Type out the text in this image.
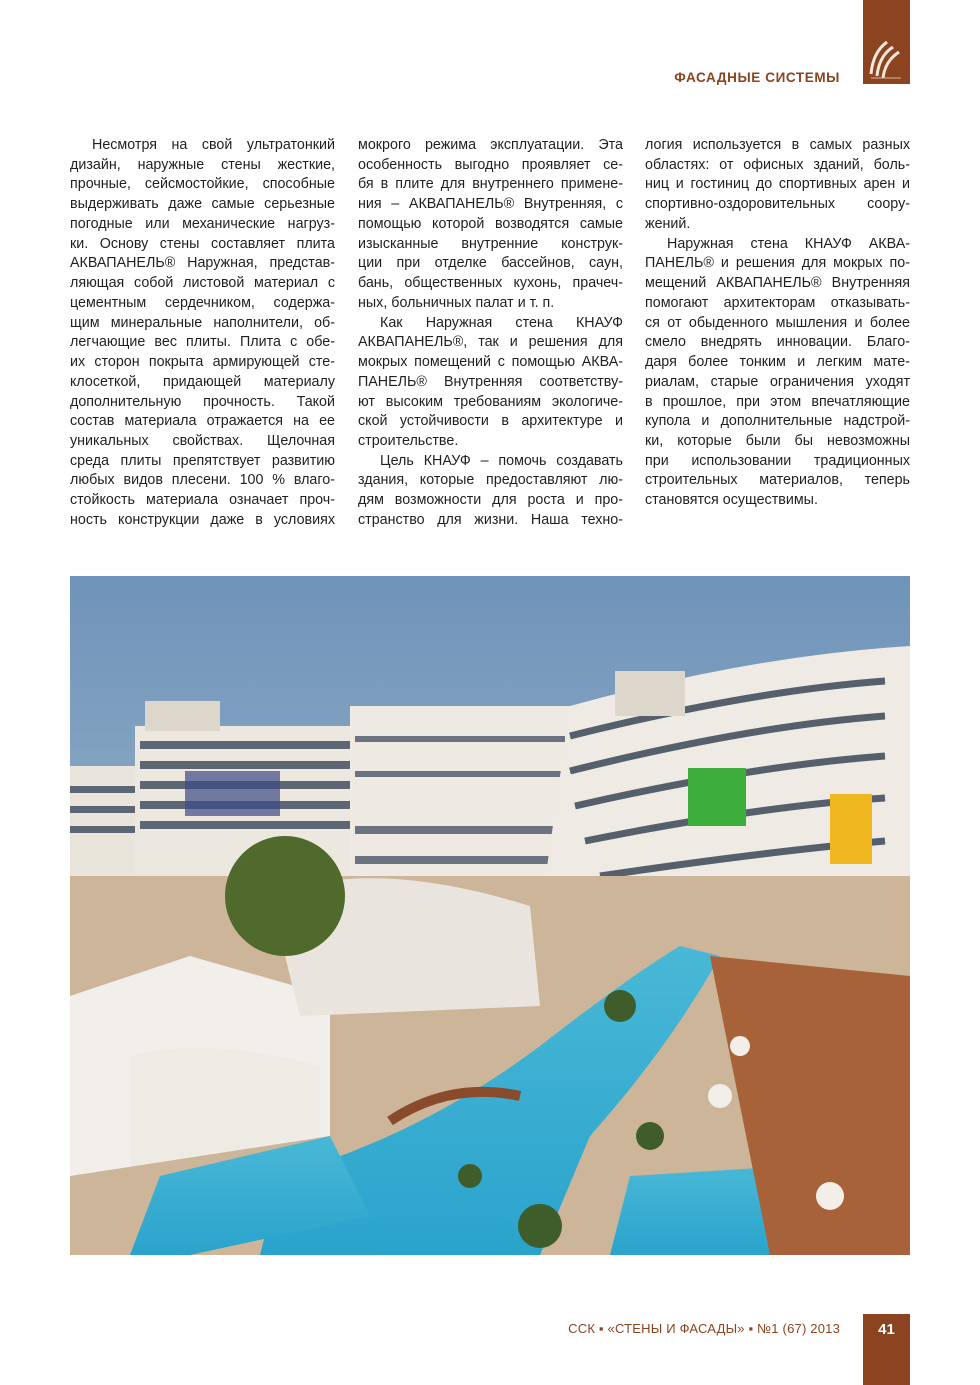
ФАСАДНЫЕ СИСТЕМЫ
Несмотря на свой ультратонкий
дизайн, наружные стены жесткие,
прочные, сейсмостойкие, способные
выдерживать даже самые серьезные
погодные или механические нагруз-
ки. Основу стены составляет плита
АКВАПАНЕЛЬ® Наружная, представ-
ляющая собой листовой материал с
цементным сердечником, содержа-
щим минеральные наполнители, об-
легчающие вес плиты. Плита с обе-
их сторон покрыта армирующей сте-
клосеткой, придающей материалу
дополнительную прочность. Такой
состав материала отражается на ее
уникальных свойствах. Щелочная
среда плиты препятствует развитию
любых видов плесени. 100 % влаго-
стойкость материала означает проч-
ность конструкции даже в условиях
мокрого режима эксплуатации. Эта
особенность выгодно проявляет се-
бя в плите для внутреннего примене-
ния – АКВАПАНЕЛЬ® Внутренняя, с
помощью которой возводятся самые
изысканные внутренние конструк-
ции при отделке бассейнов, саун,
бань, общественных кухонь, прачеч-
ных, больничных палат и т. п.
Как Наружная стена КНАУФ
АКВАПАНЕЛЬ®, так и решения для
мокрых помещений с помощью АКВА-
ПАНЕЛЬ® Внутренняя соответству-
ют высоким требованиям экологиче-
ской устойчивости в архитектуре и
строительстве.
Цель КНАУФ – помочь создавать
здания, которые предоставляют лю-
дям возможности для роста и про-
странство для жизни. Наша техно-
логия используется в самых разных
областях: от офисных зданий, боль-
ниц и гостиниц до спортивных арен и
спортивно-оздоровительных соору-
жений.
Наружная стена КНАУФ АКВА-
ПАНЕЛЬ® и решения для мокрых по-
мещений АКВАПАНЕЛЬ® Внутренняя
помогают архитекторам отказывать-
ся от обыденного мышления и более
смело внедрять инновации. Благо-
даря более тонким и легким мате-
риалам, старые ограничения уходят
в прошлое, при этом впечатляющие
купола и дополнительные надстрой-
ки, которые были бы невозможны
при использовании традиционных
строительных материалов, теперь
становятся осуществимы.
ССК ▪ «СТЕНЫ И ФАСАДЫ» ▪ №1 (67) 2013	41
